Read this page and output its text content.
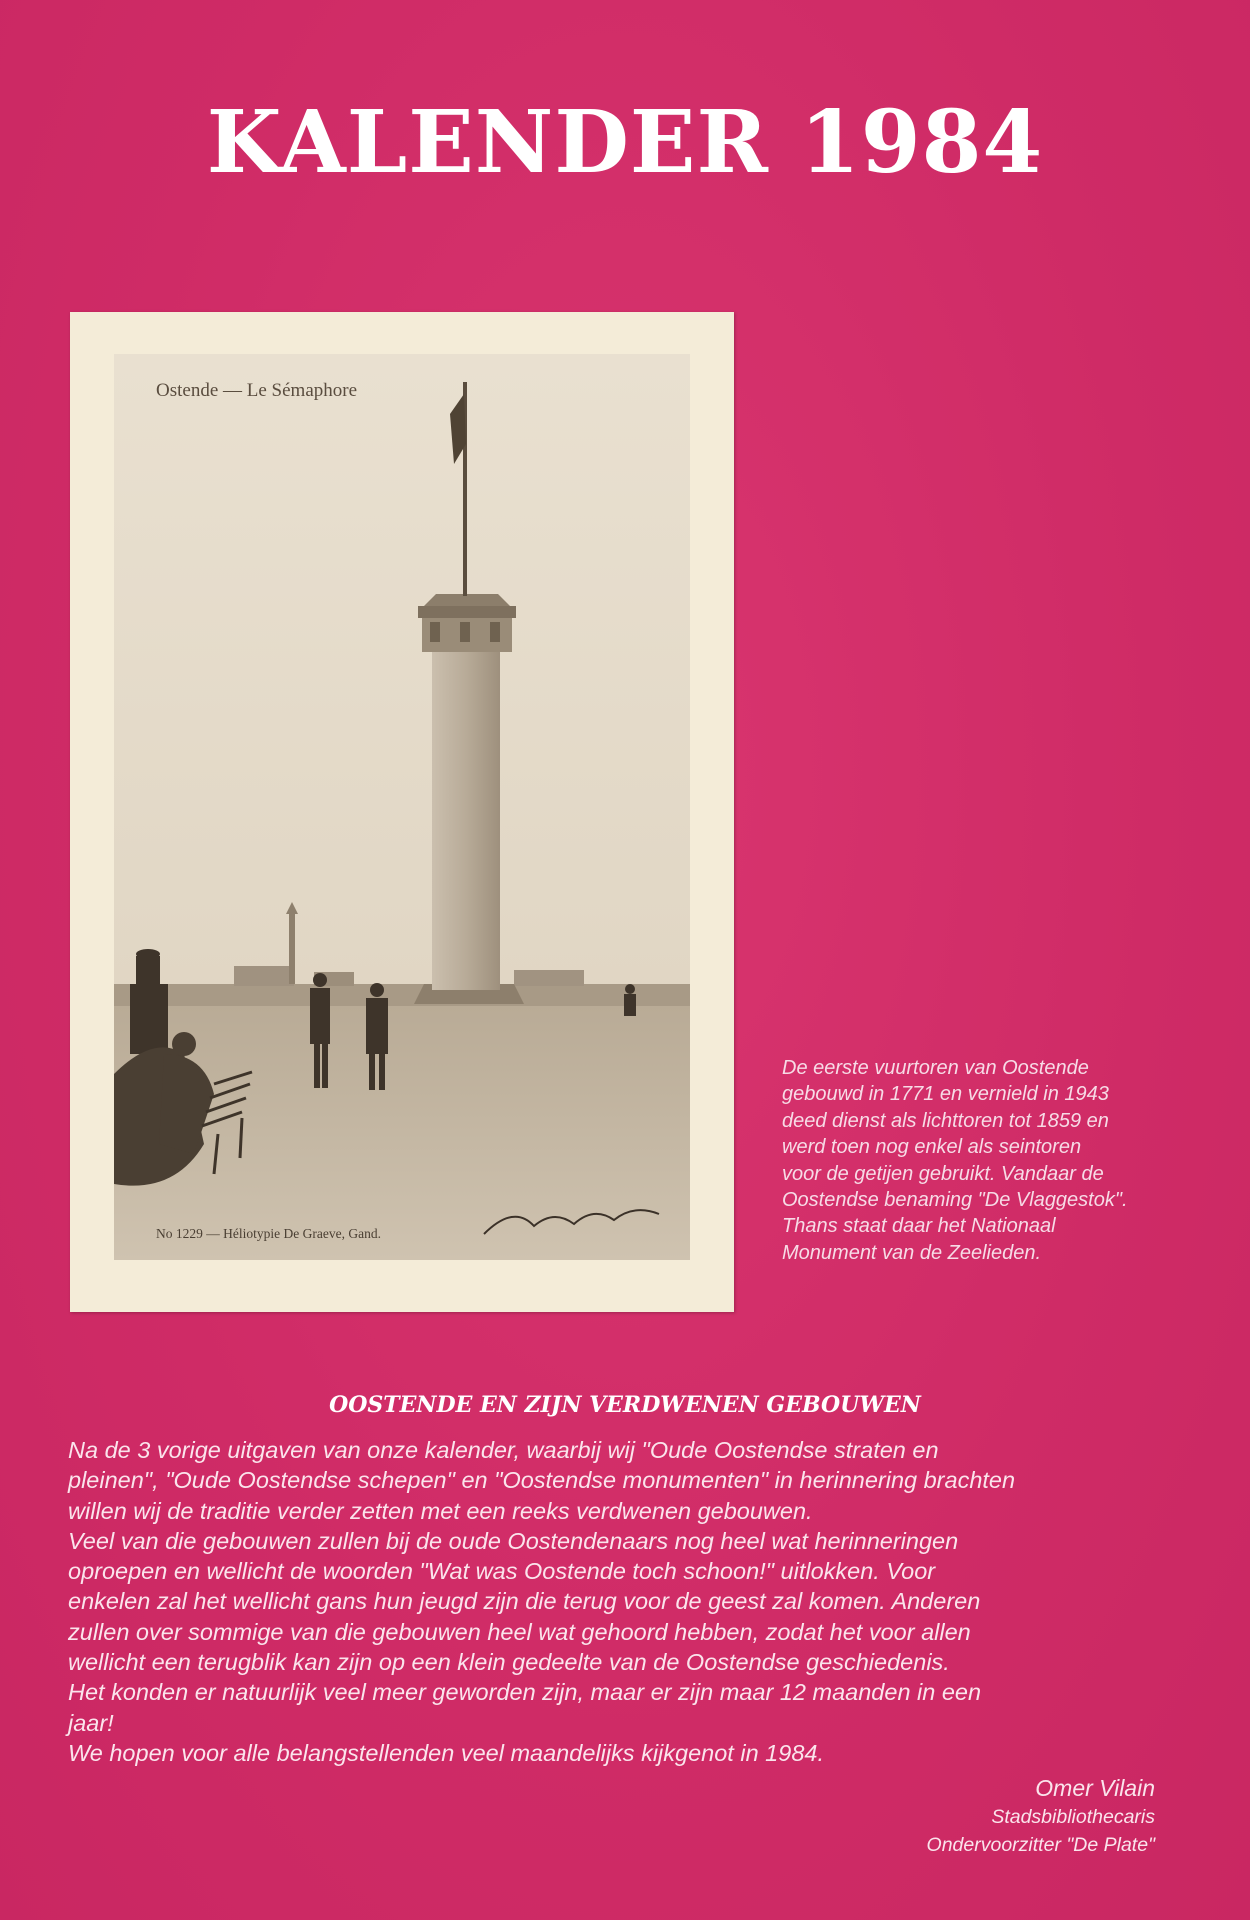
KALENDER 1984
Ostende — Le Sémaphore
No 1229 — Héliotypie De Graeve, Gand.
De eerste vuurtoren van Oostende
gebouwd in 1771 en vernield in 1943
deed dienst als lichttoren tot 1859 en
werd toen nog enkel als seintoren
voor de getijen gebruikt. Vandaar de
Oostendse benaming "De Vlaggestok".
Thans staat daar het Nationaal
Monument van de Zeelieden.
OOSTENDE EN ZIJN VERDWENEN GEBOUWEN
Na de 3 vorige uitgaven van onze kalender, waarbij wij "Oude Oostendse straten en
pleinen", "Oude Oostendse schepen" en "Oostendse monumenten" in herinnering brachten
willen wij de traditie verder zetten met een reeks verdwenen gebouwen.
Veel van die gebouwen zullen bij de oude Oostendenaars nog heel wat herinneringen
oproepen en wellicht de woorden "Wat was Oostende toch schoon!" uitlokken. Voor
enkelen zal het wellicht gans hun jeugd zijn die terug voor de geest zal komen. Anderen
zullen over sommige van die gebouwen heel wat gehoord hebben, zodat het voor allen
wellicht een terugblik kan zijn op een klein gedeelte van de Oostendse geschiedenis.
Het konden er natuurlijk veel meer geworden zijn, maar er zijn maar 12 maanden in een
jaar!
We hopen voor alle belangstellenden veel maandelijks kijkgenot in 1984.
Omer Vilain
Stadsbibliothecaris
Ondervoorzitter "De Plate"
